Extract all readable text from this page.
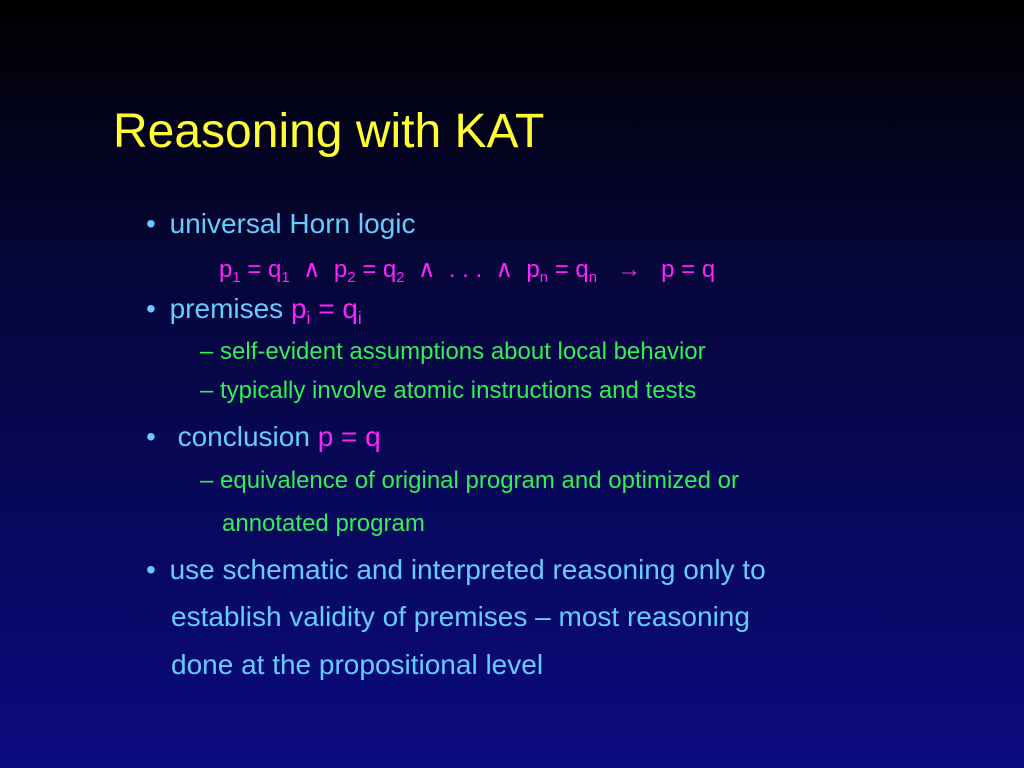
Reasoning with KAT
• universal Horn logic
$p_1 = q_1$ ∧ $p_2 = q_2$ ∧ . . . ∧ $p_n = q_n \to p = q$
• premises $p_i = q_i$
– self-evident assumptions about local behavior
– typically involve atomic instructions and tests
• conclusion p = q
– equivalence of original program and optimized or
annotated program
• use schematic and interpreted reasoning only to
establish validity of premises – most reasoning
done at the propositional level
